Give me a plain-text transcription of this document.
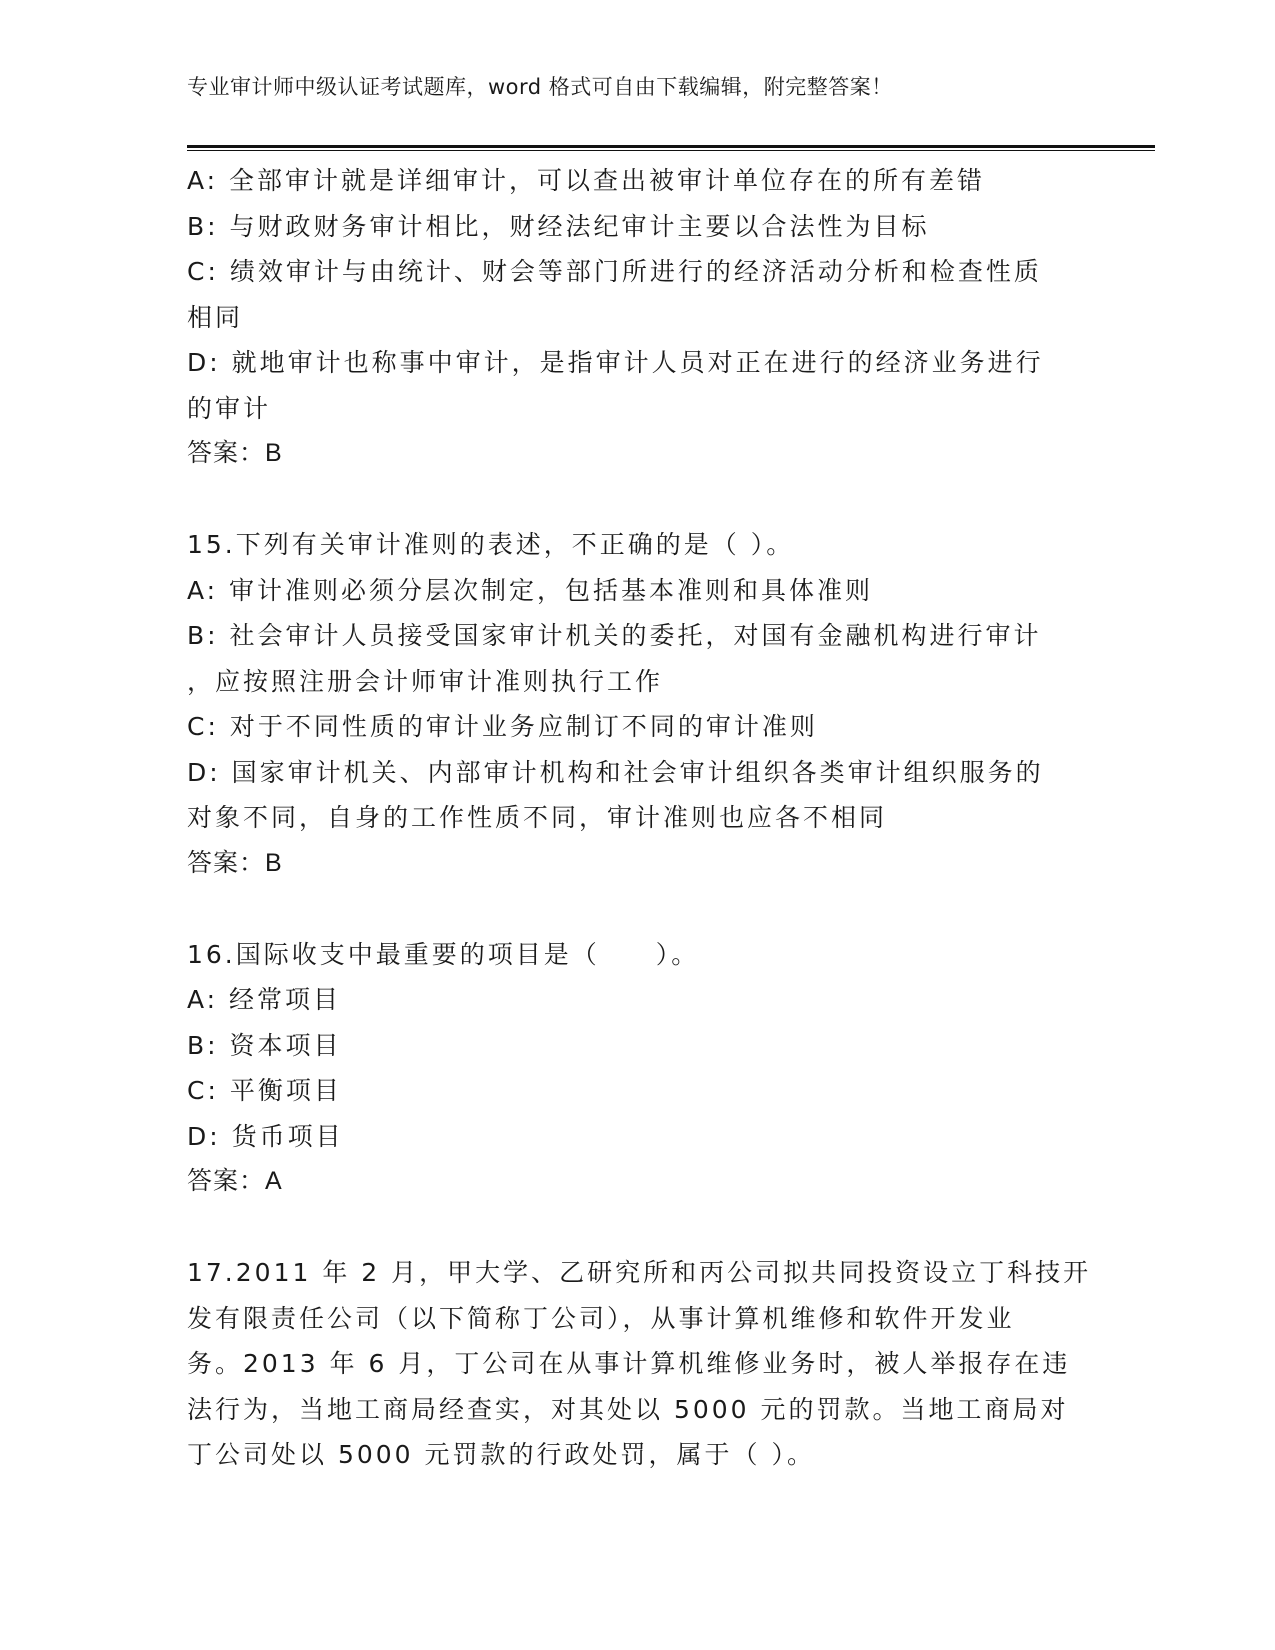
专业审计师中级认证考试题库，word 格式可自由下载编辑，附完整答案！
A: 全部审计就是详细审计，可以查出被审计单位存在的所有差错
B: 与财政财务审计相比，财经法纪审计主要以合法性为目标
C: 绩效审计与由统计、财会等部门所进行的经济活动分析和检查性质
相同
D: 就地审计也称事中审计，是指审计人员对正在进行的经济业务进行
的审计
答案：B
15.下列有关审计准则的表述，不正确的是（ ）。
A: 审计准则必须分层次制定，包括基本准则和具体准则
B: 社会审计人员接受国家审计机关的委托，对国有金融机构进行审计
，应按照注册会计师审计准则执行工作
C: 对于不同性质的审计业务应制订不同的审计准则
D: 国家审计机关、内部审计机构和社会审计组织各类审计组织服务的
对象不同，自身的工作性质不同，审计准则也应各不相同
答案：B
16.国际收支中最重要的项目是（　　）。
A: 经常项目
B: 资本项目
C: 平衡项目
D: 货币项目
答案：A
17.2011 年 2 月，甲大学、乙研究所和丙公司拟共同投资设立丁科技开
发有限责任公司（以下简称丁公司），从事计算机维修和软件开发业
务。2013 年 6 月，丁公司在从事计算机维修业务时，被人举报存在违
法行为，当地工商局经查实，对其处以 5000 元的罚款。当地工商局对
丁公司处以 5000 元罚款的行政处罚，属于（ ）。
